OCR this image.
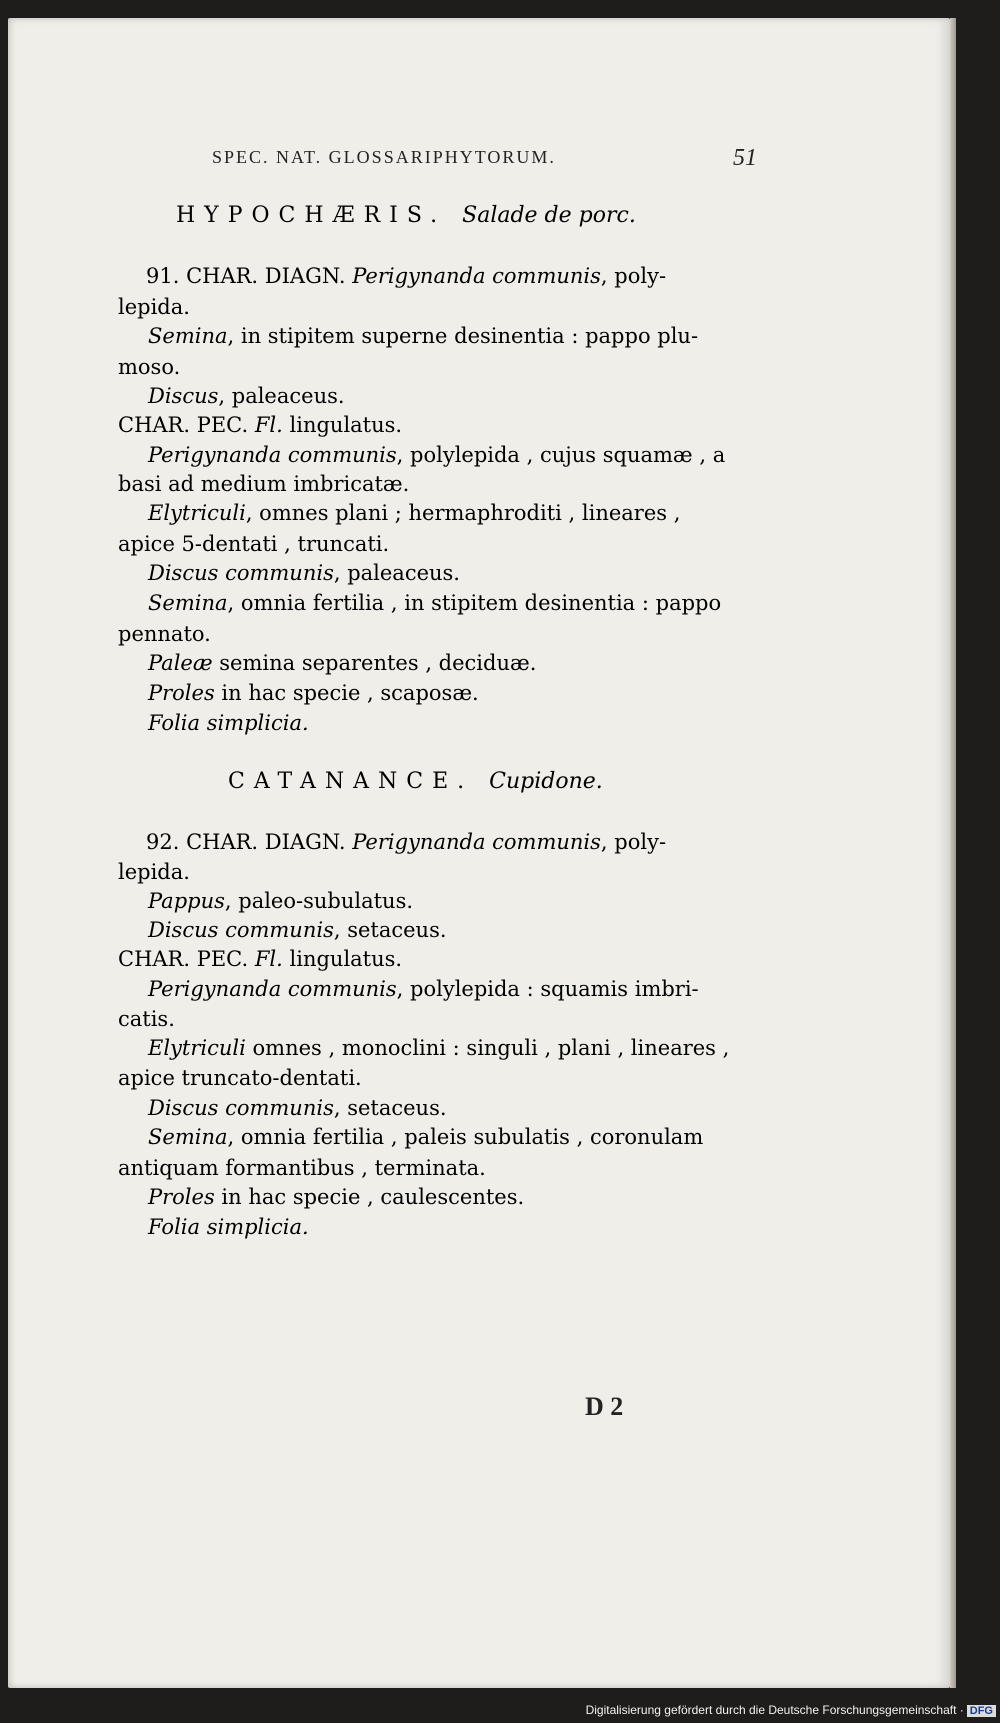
SPEC. NAT. GLOSSARIPHYTORUM.	51
HYPOCHÆRIS. Salade de porc.
91. CHAR. DIAGN. Perigynanda communis, poly-
lepida.
Semina, in stipitem superne desinentia : pappo plu-
moso.
Discus, paleaceus.
CHAR. PEC. Fl. lingulatus.
Perigynanda communis, polylepida , cujus squamæ , a
basi ad medium imbricatæ.
Elytriculi, omnes plani ; hermaphroditi , lineares ,
apice 5-dentati , truncati.
Discus communis, paleaceus.
Semina, omnia fertilia , in stipitem desinentia : pappo
pennato.
Paleæ semina separentes , deciduæ.
Proles in hac specie , scaposæ.
Folia simplicia.
CATANANCE. Cupidone.
92. CHAR. DIAGN. Perigynanda communis, poly-
lepida.
Pappus, paleo-subulatus.
Discus communis, setaceus.
CHAR. PEC. Fl. lingulatus.
Perigynanda communis, polylepida : squamis imbri-
catis.
Elytriculi omnes , monoclini : singuli , plani , lineares ,
apice truncato-dentati.
Discus communis, setaceus.
Semina, omnia fertilia , paleis subulatis , coronulam
antiquam formantibus , terminata.
Proles in hac specie , caulescentes.
Folia simplicia.
D 2
Digitalisierung gefördert durch die Deutsche Forschungsgemeinschaft · DFG
